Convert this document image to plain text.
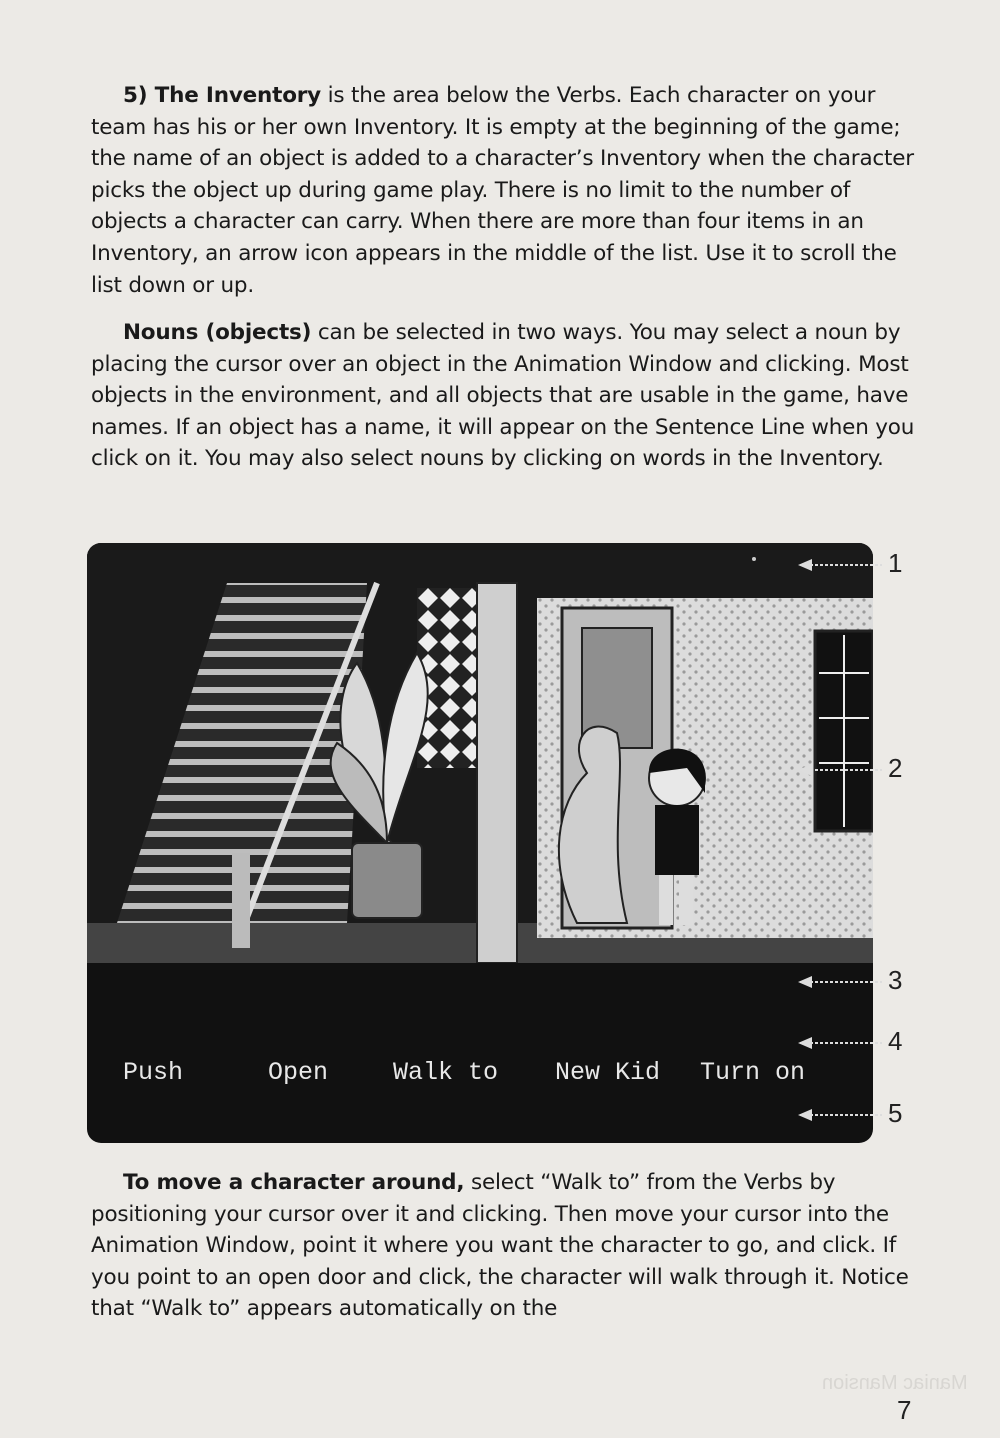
5) The Inventory is the area below the Verbs. Each character on your team has his or her own Inventory. It is empty at the beginning of the game; the name of an object is added to a character’s Inventory when the character picks the object up during game play. There is no limit to the number of objects a character can carry. When there are more than four items in an Inventory, an arrow icon appears in the middle of the list. Use it to scroll the list down or up.

Nouns (objects) can be selected in two ways. You may select a noun by placing the cursor over an object in the Animation Window and clicking. Most objects in the environment, and all objects that are usable in the game, have names. If an object has a name, it will appear on the Sentence Line when you click on it. You may also select nouns by clicking on words in the Inventory.

Push

	Open

	Walk to

	New Kid

	Turn on

1
2
3
4
5

To move a character around, select “Walk to” from the Verbs by positioning your cursor over it and clicking. Then move your cursor into the Animation Window, point it where you want the character to go, and click. If you point to an open door and click, the character will walk through it. Notice that “Walk to” appears automatically on the

Maniac Mansion
7
